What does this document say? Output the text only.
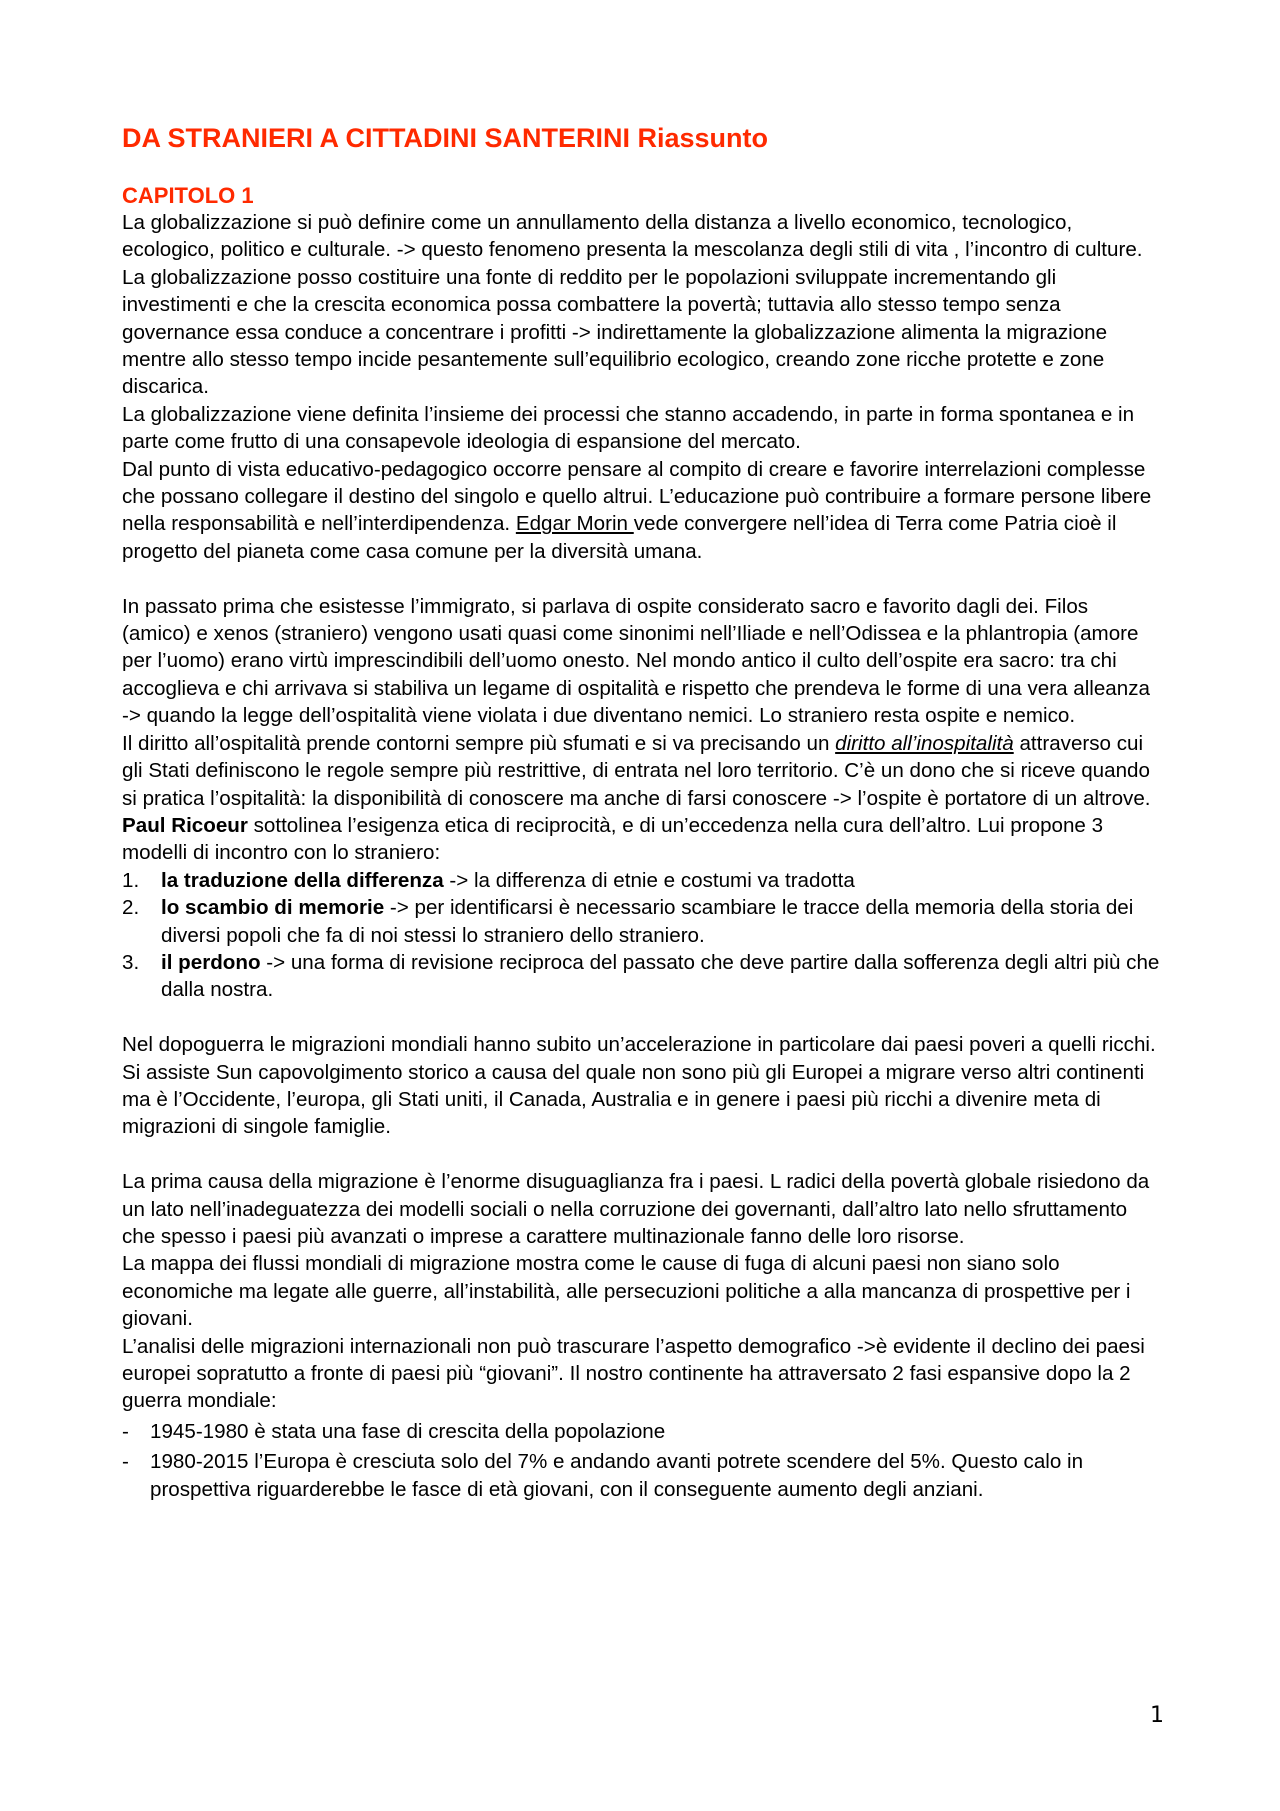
DA STRANIERI A CITTADINI SANTERINI Riassunto
CAPITOLO 1

La globalizzazione si può definire come un annullamento della distanza a livello economico, tecnologico, ecologico, politico e culturale. -> questo fenomeno presenta la mescolanza degli stili di vita , l’incontro di culture.

La globalizzazione posso costituire una fonte di reddito per le popolazioni sviluppate incrementando gli investimenti e che la crescita economica possa combattere la povertà; tuttavia allo stesso tempo senza governance essa conduce a concentrare i profitti -> indirettamente la globalizzazione alimenta la migrazione mentre allo stesso tempo incide pesantemente sull’equilibrio ecologico, creando zone ricche protette e zone discarica.

La globalizzazione viene definita l’insieme dei processi che stanno accadendo, in parte in forma spontanea e in parte come frutto di una consapevole ideologia di espansione del mercato.

Dal punto di vista educativo-pedagogico occorre pensare al compito di creare e favorire interrelazioni complesse che possano collegare il destino del singolo e quello altrui. L’educazione può contribuire a formare persone libere nella responsabilità e nell’interdipendenza. Edgar Morin vede convergere nell’idea di Terra come Patria cioè il progetto del pianeta come casa comune per la diversità umana.

In passato prima che esistesse l’immigrato, si parlava di ospite considerato sacro e favorito dagli dei. Filos (amico) e xenos (straniero) vengono usati quasi come sinonimi nell’Iliade e nell’Odissea e la phlantropia (amore per l’uomo) erano virtù imprescindibili dell’uomo onesto. Nel mondo antico il culto dell’ospite era sacro: tra chi accoglieva e chi arrivava si stabiliva un legame di ospitalità e rispetto che prendeva le forme di una vera alleanza -> quando la legge dell’ospitalità viene violata i due diventano nemici. Lo straniero resta ospite e nemico.

Il diritto all’ospitalità prende contorni sempre più sfumati e si va precisando un diritto all’inospitalità attraverso cui gli Stati definiscono le regole sempre più restrittive, di entrata nel loro territorio. C’è un dono che si riceve quando si pratica l’ospitalità: la disponibilità di conoscere ma anche di farsi conoscere -> l’ospite è portatore di un altrove. Paul Ricoeur sottolinea l’esigenza etica di reciprocità, e di un’eccedenza nella cura dell’altro. Lui propone 3 modelli di incontro con lo straniero:

1. la traduzione della differenza -> la differenza di etnie e costumi va tradotta
2. lo scambio di memorie -> per identificarsi è necessario scambiare le tracce della memoria della storia dei diversi popoli che fa di noi stessi lo straniero dello straniero.
3. il perdono -> una forma di revisione reciproca del passato che deve partire dalla sofferenza degli altri più che dalla nostra.

Nel dopoguerra le migrazioni mondiali hanno subito un’accelerazione in particolare dai paesi poveri a quelli ricchi. Si assiste Sun capovolgimento storico a causa del quale non sono più gli Europei a migrare verso altri continenti ma è l’Occidente, l’europa, gli Stati uniti, il Canada, Australia e in genere i paesi più ricchi a divenire meta di migrazioni di singole famiglie.

La prima causa della migrazione è l’enorme disuguaglianza fra i paesi. L radici della povertà globale risiedono da un lato nell’inadeguatezza dei modelli sociali o nella corruzione dei governanti, dall’altro lato nello sfruttamento che spesso i paesi più avanzati o imprese a carattere multinazionale fanno delle loro risorse.

La mappa dei flussi mondiali di migrazione mostra come le cause di fuga di alcuni paesi non siano solo economiche ma legate alle guerre, all’instabilità, alle persecuzioni politiche a alla mancanza di prospettive per i giovani.

L’analisi delle migrazioni internazionali non può trascurare l’aspetto demografico ->è evidente il declino dei paesi europei sopratutto a fronte di paesi più “giovani”. Il nostro continente ha attraversato 2 fasi espansive dopo la 2 guerra mondiale:

- 1945-1980 è stata una fase di crescita della popolazione
- 1980-2015 l’Europa è cresciuta solo del 7% e andando avanti potrete scendere del 5%. Questo calo in prospettiva riguarderebbe le fasce di età giovani, con il conseguente aumento degli anziani.
1
